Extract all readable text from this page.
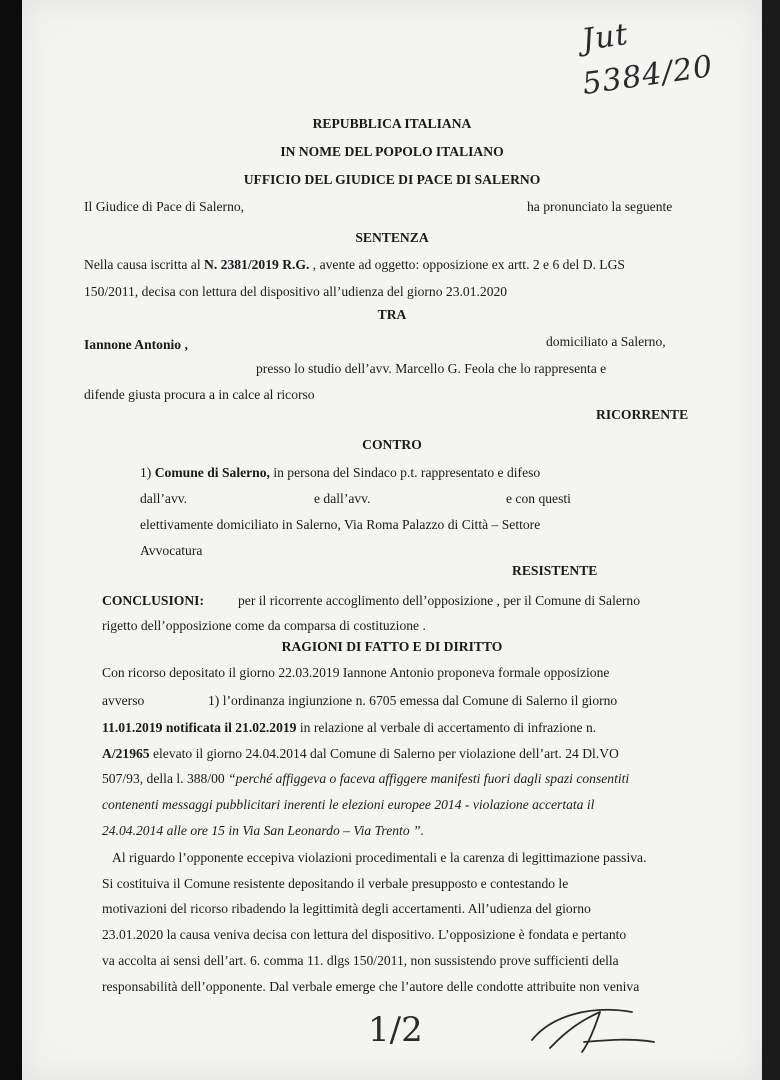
Jut
5384/20
REPUBBLICA ITALIANA
IN NOME DEL POPOLO ITALIANO
UFFICIO DEL GIUDICE DI PACE DI SALERNO
Il Giudice di Pace di Salerno,	ha pronunciato la seguente
SENTENZA
Nella causa iscritta al N. 2381/2019 R.G. , avente ad oggetto: opposizione ex artt. 2 e 6 del D. LGS
150/2011, decisa con lettura del dispositivo all’udienza del giorno 23.01.2020
TRA
Iannone Antonio ,	domiciliato a Salerno,
presso lo studio dell’avv. Marcello G. Feola che lo rappresenta e
difende giusta procura a in calce al ricorso
RICORRENTE
CONTRO
1) Comune di Salerno, in persona del Sindaco p.t. rappresentato e difeso
dall’avv.	e dall’avv.	e con questi
elettivamente domiciliato in Salerno, Via Roma Palazzo di Città – Settore
Avvocatura
RESISTENTE
CONCLUSIONI:	per il ricorrente accoglimento dell’opposizione , per il Comune di Salerno
rigetto dell’opposizione come da comparsa di costituzione .
RAGIONI DI FATTO E DI DIRITTO
Con ricorso depositato il giorno 22.03.2019 Iannone Antonio proponeva formale opposizione
avverso	1) l’ordinanza ingiunzione n. 6705 emessa dal Comune di Salerno il giorno
11.01.2019 notificata il 21.02.2019 in relazione al verbale di accertamento di infrazione n.
A/21965 elevato il giorno 24.04.2014 dal Comune di Salerno per violazione dell’art. 24 Dl.VO
507/93, della l. 388/00 “perché affiggeva o faceva affiggere manifesti fuori dagli spazi consentiti
contenenti messaggi pubblicitari inerenti le elezioni europee 2014 - violazione accertata il
24.04.2014 alle ore 15 in Via San Leonardo – Via Trento ”.
Al riguardo l’opponente eccepiva violazioni procedimentali e la carenza di legittimazione passiva.
Si costituiva il Comune resistente depositando il verbale presupposto e contestando le
motivazioni del ricorso ribadendo la legittimità degli accertamenti. All’udienza del giorno
23.01.2020 la causa veniva decisa con lettura del dispositivo. L’opposizione è fondata e pertanto
va accolta ai sensi dell’art. 6. comma 11. dlgs 150/2011, non sussistendo prove sufficienti della
responsabilità dell’opponente. Dal verbale emerge che l’autore delle condotte attribuite non veniva
1/2
